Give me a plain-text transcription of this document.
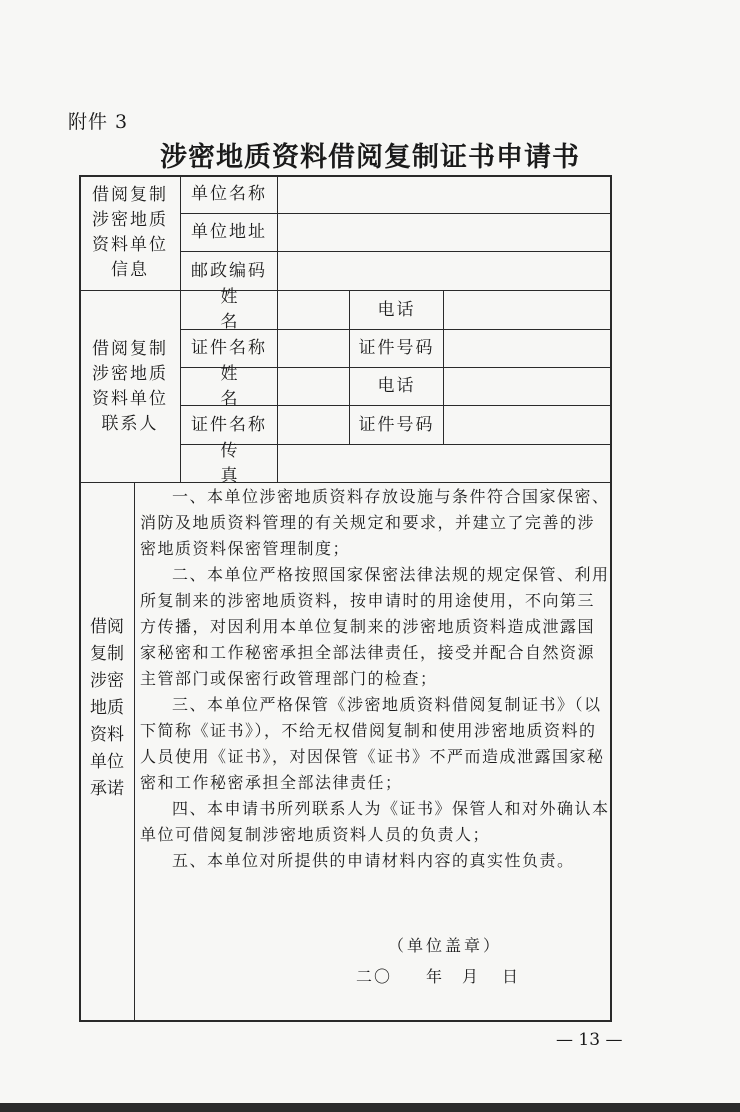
附件 3
涉密地质资料借阅复制证书申请书
借阅复制
涉密地质
资料单位
信息
单位名称
单位地址
邮政编码
借阅复制
涉密地质
资料单位
联系人
姓名
电话
证件名称	证件号码
姓名
电话
证件名称	证件号码
传真
借阅
复制
涉密
地质
资料
单位
承诺

一、本单位涉密地质资料存放设施与条件符合国家保密、消防及地质资料管理的有关规定和要求，并建立了完善的涉密地质资料保密管理制度；

二、本单位严格按照国家保密法律法规的规定保管、利用所复制来的涉密地质资料，按申请时的用途使用，不向第三方传播，对因利用本单位复制来的涉密地质资料造成泄露国家秘密和工作秘密承担全部法律责任，接受并配合自然资源主管部门或保密行政管理部门的检查；

三、本单位严格保管《涉密地质资料借阅复制证书》（以下简称《证书》），不给无权借阅复制和使用涉密地质资料的人员使用《证书》，对因保管《证书》不严而造成泄露国家秘密和工作秘密承担全部法律责任；

四、本申请书所列联系人为《证书》保管人和对外确认本单位可借阅复制涉密地质资料人员的负责人；

五、本单位对所提供的申请材料内容的真实性负责。

（单位盖章）
二〇 年 月 日
— 13 —
